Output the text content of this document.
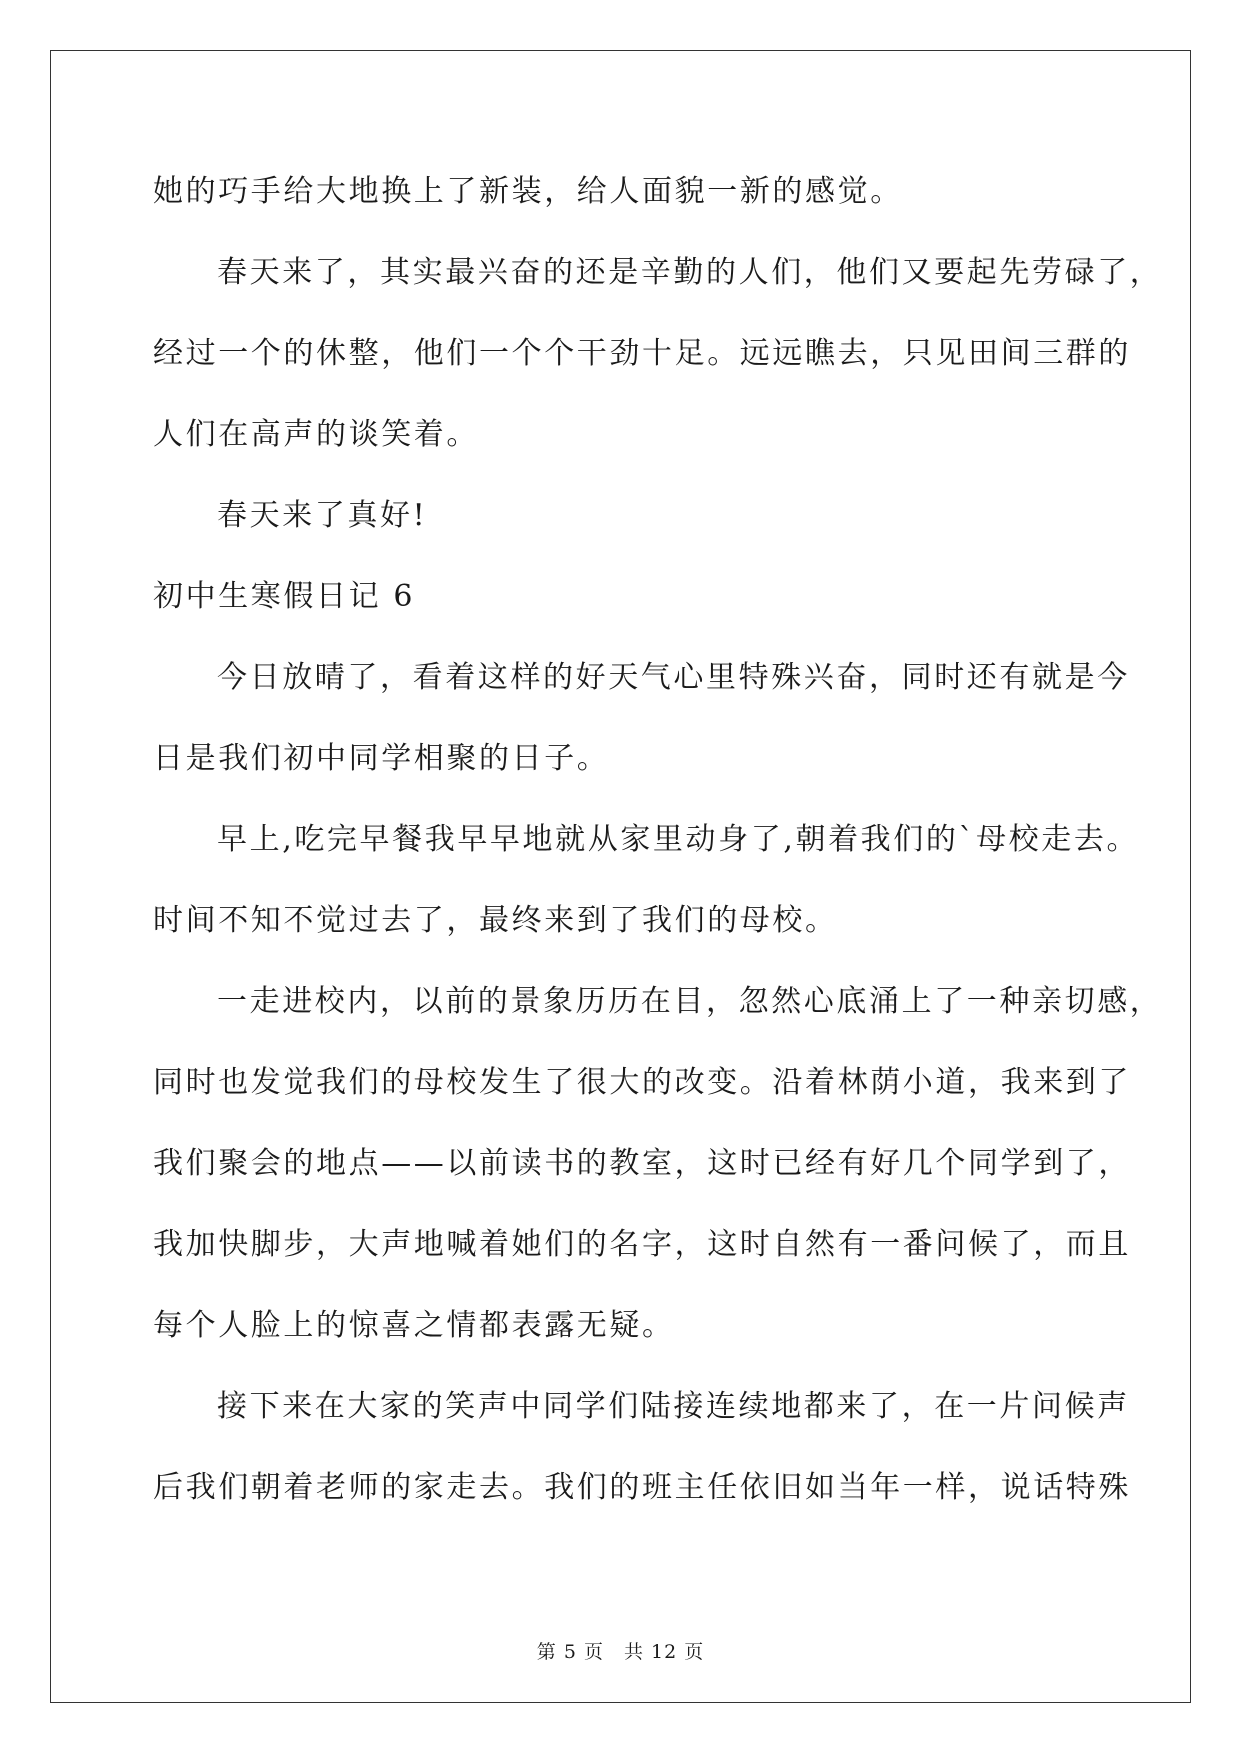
她的巧手给大地换上了新装，给人面貌一新的感觉。
春天来了，其实最兴奋的还是辛勤的人们，他们又要起先劳碌了，
经过一个的休整，他们一个个干劲十足。远远瞧去，只见田间三群的
人们在高声的谈笑着。
春天来了真好!
初中生寒假日记 6
今日放晴了，看着这样的好天气心里特殊兴奋，同时还有就是今
日是我们初中同学相聚的日子。
早上,吃完早餐我早早地就从家里动身了,朝着我们的`母校走去。
时间不知不觉过去了，最终来到了我们的母校。
一走进校内，以前的景象历历在目，忽然心底涌上了一种亲切感，
同时也发觉我们的母校发生了很大的改变。沿着林荫小道，我来到了
我们聚会的地点——以前读书的教室，这时已经有好几个同学到了，
我加快脚步，大声地喊着她们的名字，这时自然有一番问候了，而且
每个人脸上的惊喜之情都表露无疑。
接下来在大家的笑声中同学们陆接连续地都来了，在一片问候声
后我们朝着老师的家走去。我们的班主任依旧如当年一样，说话特殊
第 5 页 共 12 页
